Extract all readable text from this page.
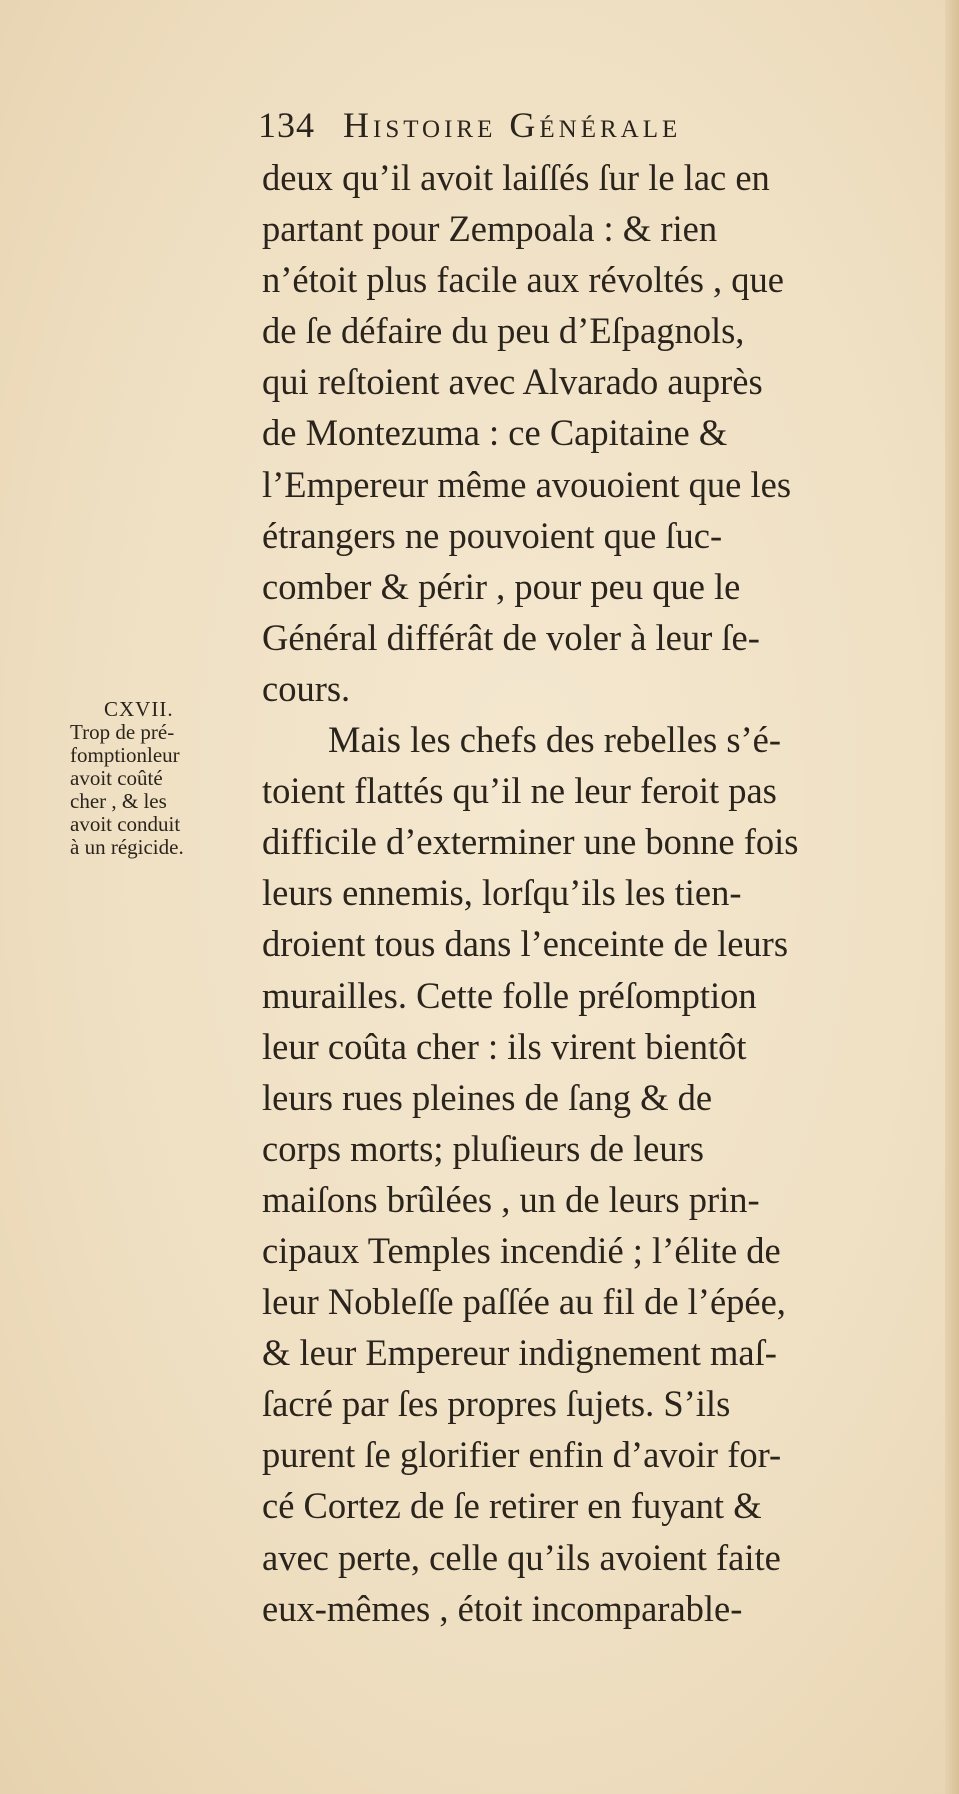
134 Histoire Générale
CXVII.
Trop de pré-
fomptionleur
avoit coûté
cher , & les
avoit conduit
à un régicide.
deux qu’il avoit laiſſés ſur le lac en
partant pour Zempoala : & rien
n’étoit plus facile aux révoltés , que
de ſe défaire du peu d’Eſpagnols,
qui reſtoient avec Alvarado auprès
de Montezuma : ce Capitaine &
l’Empereur même avouoient que les
étrangers ne pouvoient que ſuc-
comber & périr , pour peu que le
Général différât de voler à leur ſe-
cours.
Mais les chefs des rebelles s’é-
toient flattés qu’il ne leur feroit pas
difficile d’exterminer une bonne fois
leurs ennemis, lorſqu’ils les tien-
droient tous dans l’enceinte de leurs
murailles. Cette folle préſomption
leur coûta cher : ils virent bientôt
leurs rues pleines de ſang & de
corps morts; pluſieurs de leurs
maiſons brûlées , un de leurs prin-
cipaux Temples incendié ; l’élite de
leur Nobleſſe paſſée au fil de l’épée,
& leur Empereur indignement maſ-
ſacré par ſes propres ſujets. S’ils
purent ſe glorifier enfin d’avoir for-
cé Cortez de ſe retirer en fuyant &
avec perte, celle qu’ils avoient faite
eux-mêmes , étoit incomparable-
